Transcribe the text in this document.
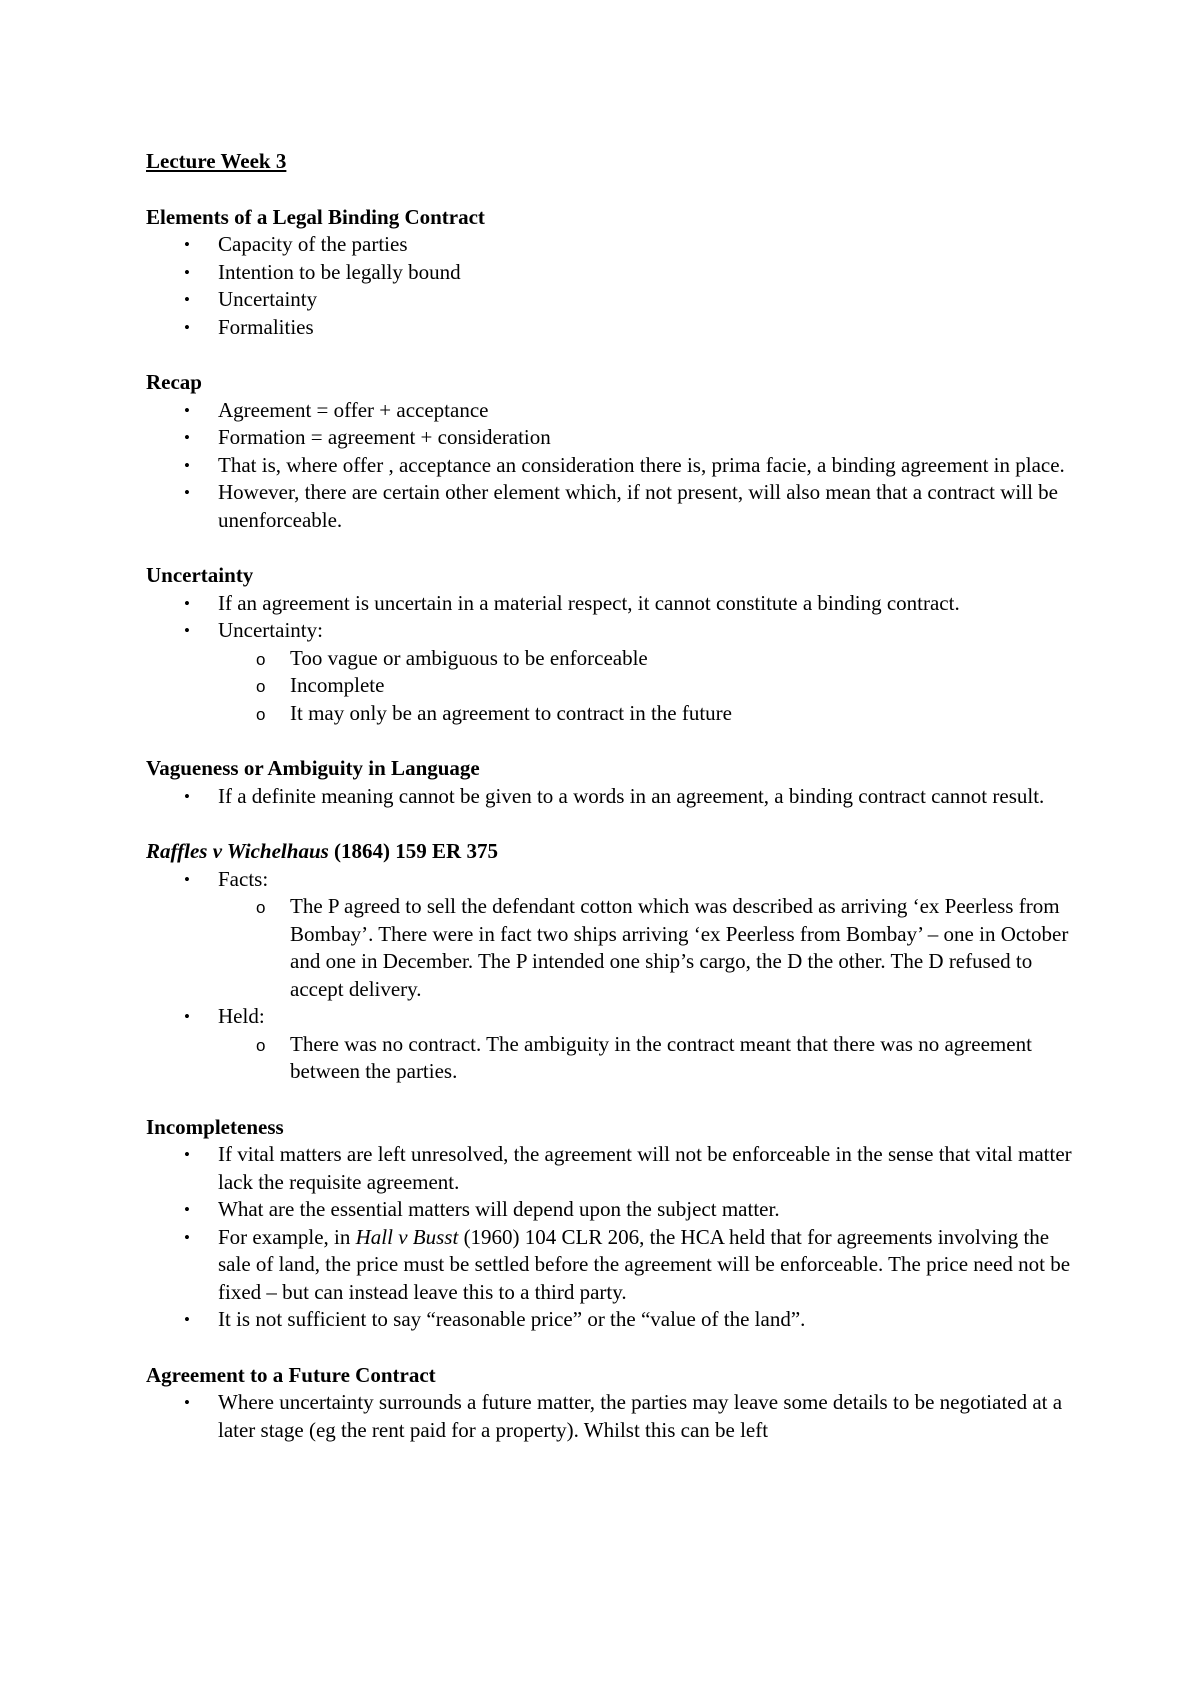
Lecture Week 3

Elements of a Legal Binding Contract

• Capacity of the parties
• Intention to be legally bound
• Uncertainty
• Formalities

Recap

• Agreement = offer + acceptance
• Formation = agreement + consideration
• That is, where offer , acceptance an consideration there is, prima facie, a binding agreement in place.
• However, there are certain other element which, if not present, will also mean that a contract will be unenforceable.

Uncertainty

• If an agreement is uncertain in a material respect, it cannot constitute a binding contract.
• Uncertainty:
o Too vague or ambiguous to be enforceable
o Incomplete
o It may only be an agreement to contract in the future

Vagueness or Ambiguity in Language

• If a definite meaning cannot be given to a words in an agreement, a binding contract cannot result.

Raffles v Wichelhaus (1864) 159 ER 375

• Facts:
o The P agreed to sell the defendant cotton which was described as arriving ‘ex Peerless from Bombay’. There were in fact two ships arriving ‘ex Peerless from Bombay’ – one in October and one in December. The P intended one ship’s cargo, the D the other. The D refused to accept delivery.
• Held:
o There was no contract. The ambiguity in the contract meant that there was no agreement between the parties.

Incompleteness

• If vital matters are left unresolved, the agreement will not be enforceable in the sense that vital matter lack the requisite agreement.
• What are the essential matters will depend upon the subject matter.
• For example, in Hall v Busst (1960) 104 CLR 206, the HCA held that for agreements involving the sale of land, the price must be settled before the agreement will be enforceable. The price need not be fixed – but can instead leave this to a third party.
• It is not sufficient to say “reasonable price” or the “value of the land”.

Agreement to a Future Contract

• Where uncertainty surrounds a future matter, the parties may leave some details to be negotiated at a later stage (eg the rent paid for a property). Whilst this can be left
